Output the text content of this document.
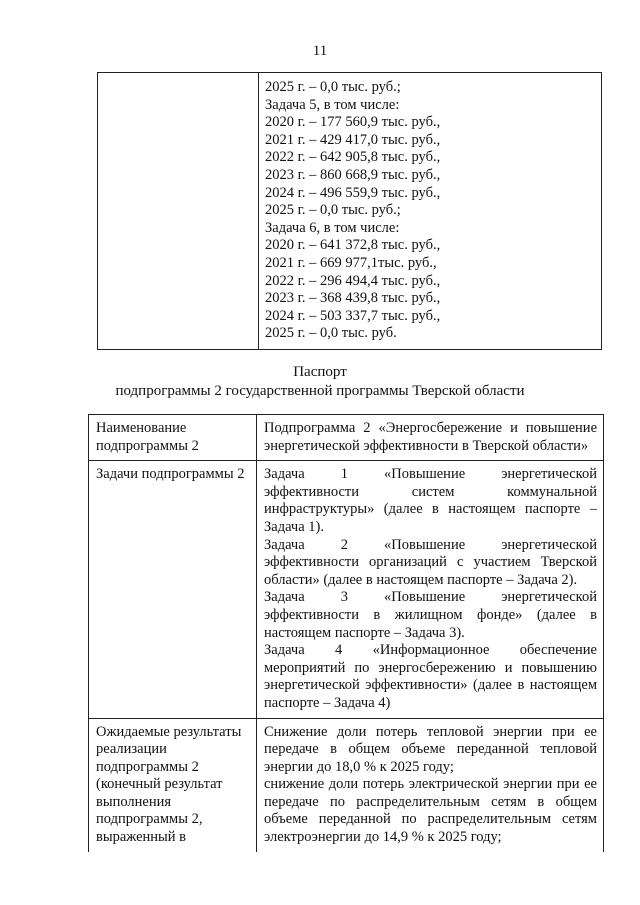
11

2025 г. – 0,0 тыс. руб.;
Задача 5, в том числе:
2020 г. – 177 560,9 тыс. руб.,
2021 г. – 429 417,0 тыс. руб.,
2022 г. – 642 905,8 тыс. руб.,
2023 г. – 860 668,9 тыс. руб.,
2024 г. – 496 559,9 тыс. руб.,
2025 г. – 0,0 тыс. руб.;
Задача 6, в том числе:
2020 г. – 641 372,8 тыс. руб.,
2021 г. – 669 977,1тыс. руб.,
2022 г. – 296 494,4 тыс. руб.,
2023 г. – 368 439,8 тыс. руб.,
2024 г. – 503 337,7 тыс. руб.,
2025 г. – 0,0 тыс. руб.
Паспорт
подпрограммы 2 государственной программы Тверской области
Наименование подпрограммы 2	Подпрограмма 2 «Энергосбережение и повышение энергетической эффективности в Тверской области»

Задачи подпрограммы 2	Задача 1 «Повышение энергетической эффективности систем коммунальной инфраструктуры» (далее в настоящем паспорте – Задача 1).
Задача 2 «Повышение энергетической эффективности организаций с участием Тверской области» (далее в настоящем паспорте – Задача 2).
Задача 3 «Повышение энергетической эффективности в жилищном фонде» (далее в настоящем паспорте – Задача 3).
Задача 4 «Информационное обеспечение мероприятий по энергосбережению и повышению энергетической эффективности» (далее в настоящем паспорте – Задача 4)

Ожидаемые результаты реализации подпрограммы 2 (конечный результат выполнения подпрограммы 2, выраженный в	Снижение доли потерь тепловой энергии при ее передаче в общем объеме переданной тепловой энергии до 18,0 % к 2025 году;
снижение доли потерь электрической энергии при ее передаче по распределительным сетям в общем объеме переданной по распределительным сетям электроэнергии до 14,9 % к 2025 году;
